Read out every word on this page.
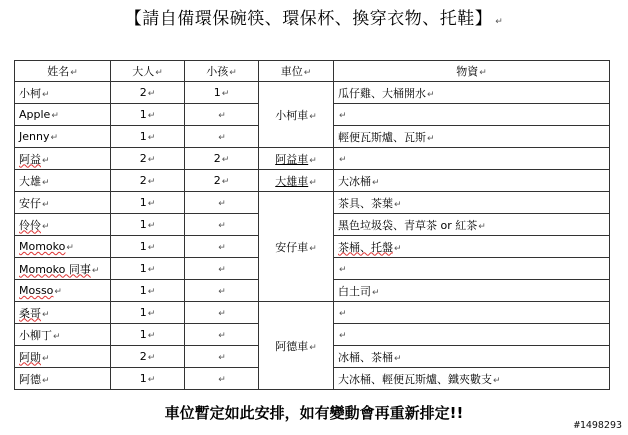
【請自備環保碗筷、環保杯、換穿衣物、托鞋】 ↵
姓名↵	大人↵	小孩↵	車位↵	物資↵
小柯↵	2↵	1↵	小柯車↵	瓜仔雞、大桶開水↵
Apple↵	1↵	↵		↵
Jenny↵	1↵	↵		輕便瓦斯爐、瓦斯↵
阿益↵	2↵	2↵	阿益車↵	↵
大雄↵	2↵	2↵	大雄車↵	大冰桶↵
安仔↵	1↵	↵	安仔車↵	茶具、茶葉↵
伶伶↵	1↵	↵		黑色垃圾袋、青草茶 or 紅茶↵
Momoko↵	1↵	↵		茶桶、托盤↵
Momoko 同事↵	1↵	↵		↵
Mosso↵	1↵	↵		白土司↵
桑哥↵	1↵	↵	阿德車↵	↵
小柳丁↵	1↵	↵		↵
阿勛↵	2↵	↵		冰桶、茶桶↵
阿德↵	1↵	↵		大冰桶、輕便瓦斯爐、鐵夾數支↵
車位暫定如此安排，如有變動會再重新排定!!
#1498293
